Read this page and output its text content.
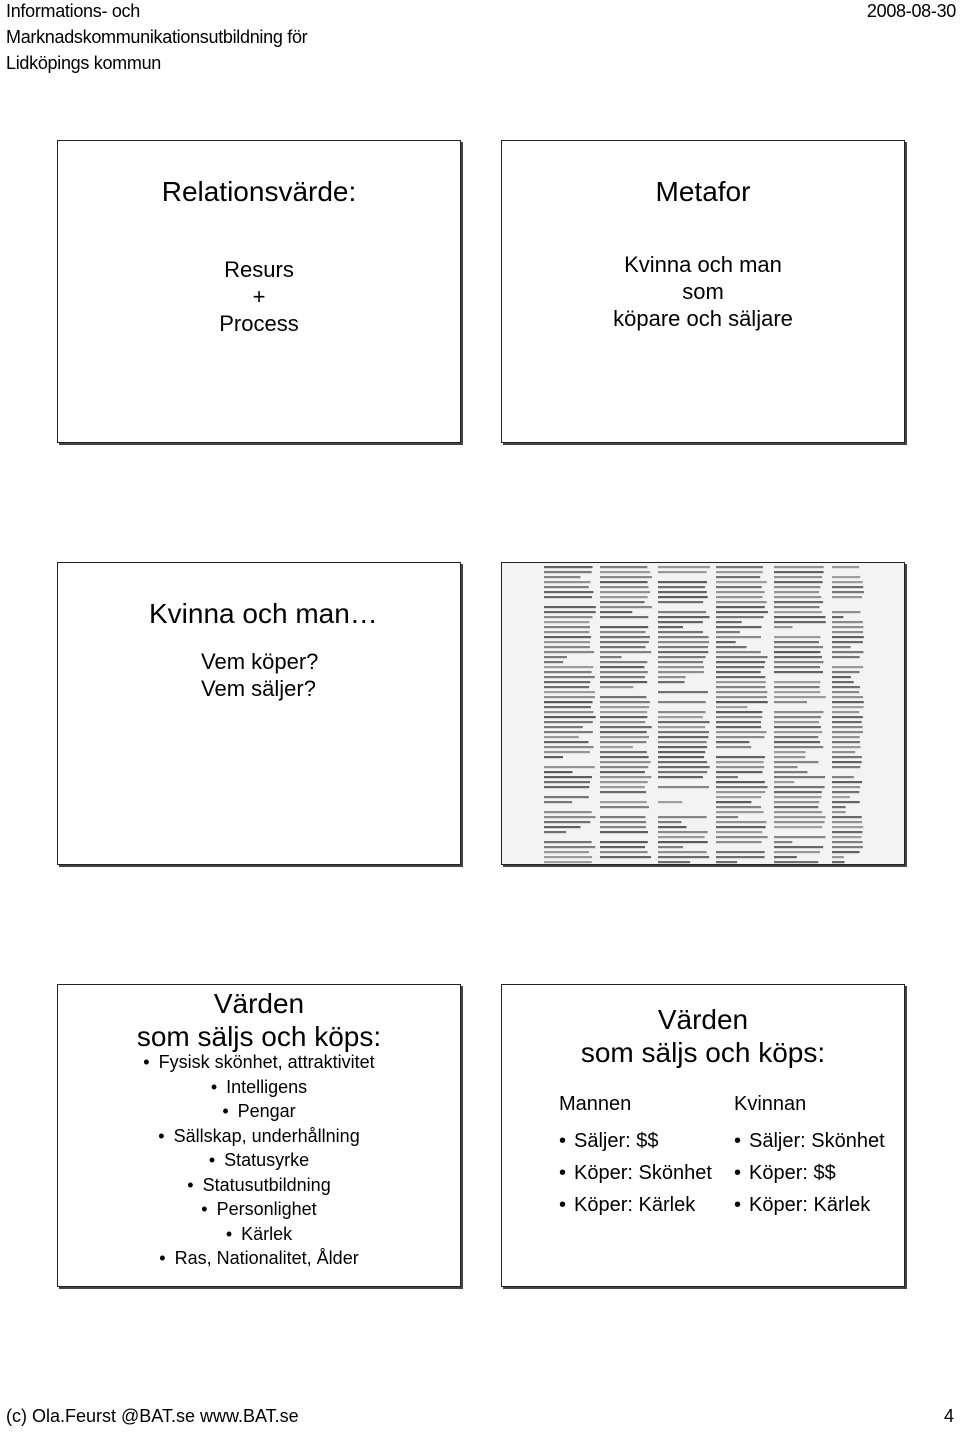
Informations- och
Marknadskommunikationsutbildning för
Lidköpings kommun
2008-08-30
Relationsvärde:
Resurs
+
Process
Metafor
Kvinna och man
som
köpare och säljare
Kvinna och man…
Vem köper?
Vem säljer?
Värden
som säljs och köps:
• Fysisk skönhet, attraktivitet
• Intelligens
• Pengar
• Sällskap, underhållning
• Statusyrke
• Statusutbildning
• Personlighet
• Kärlek
• Ras, Nationalitet, Ålder
Värden
som säljs och köps:
Mannen
• Säljer: $$
• Köper: Skönhet
• Köper: Kärlek
Kvinnan
• Säljer: Skönhet
• Köper: $$
• Köper: Kärlek
(c) Ola.Feurst @BAT.se www.BAT.se	4
